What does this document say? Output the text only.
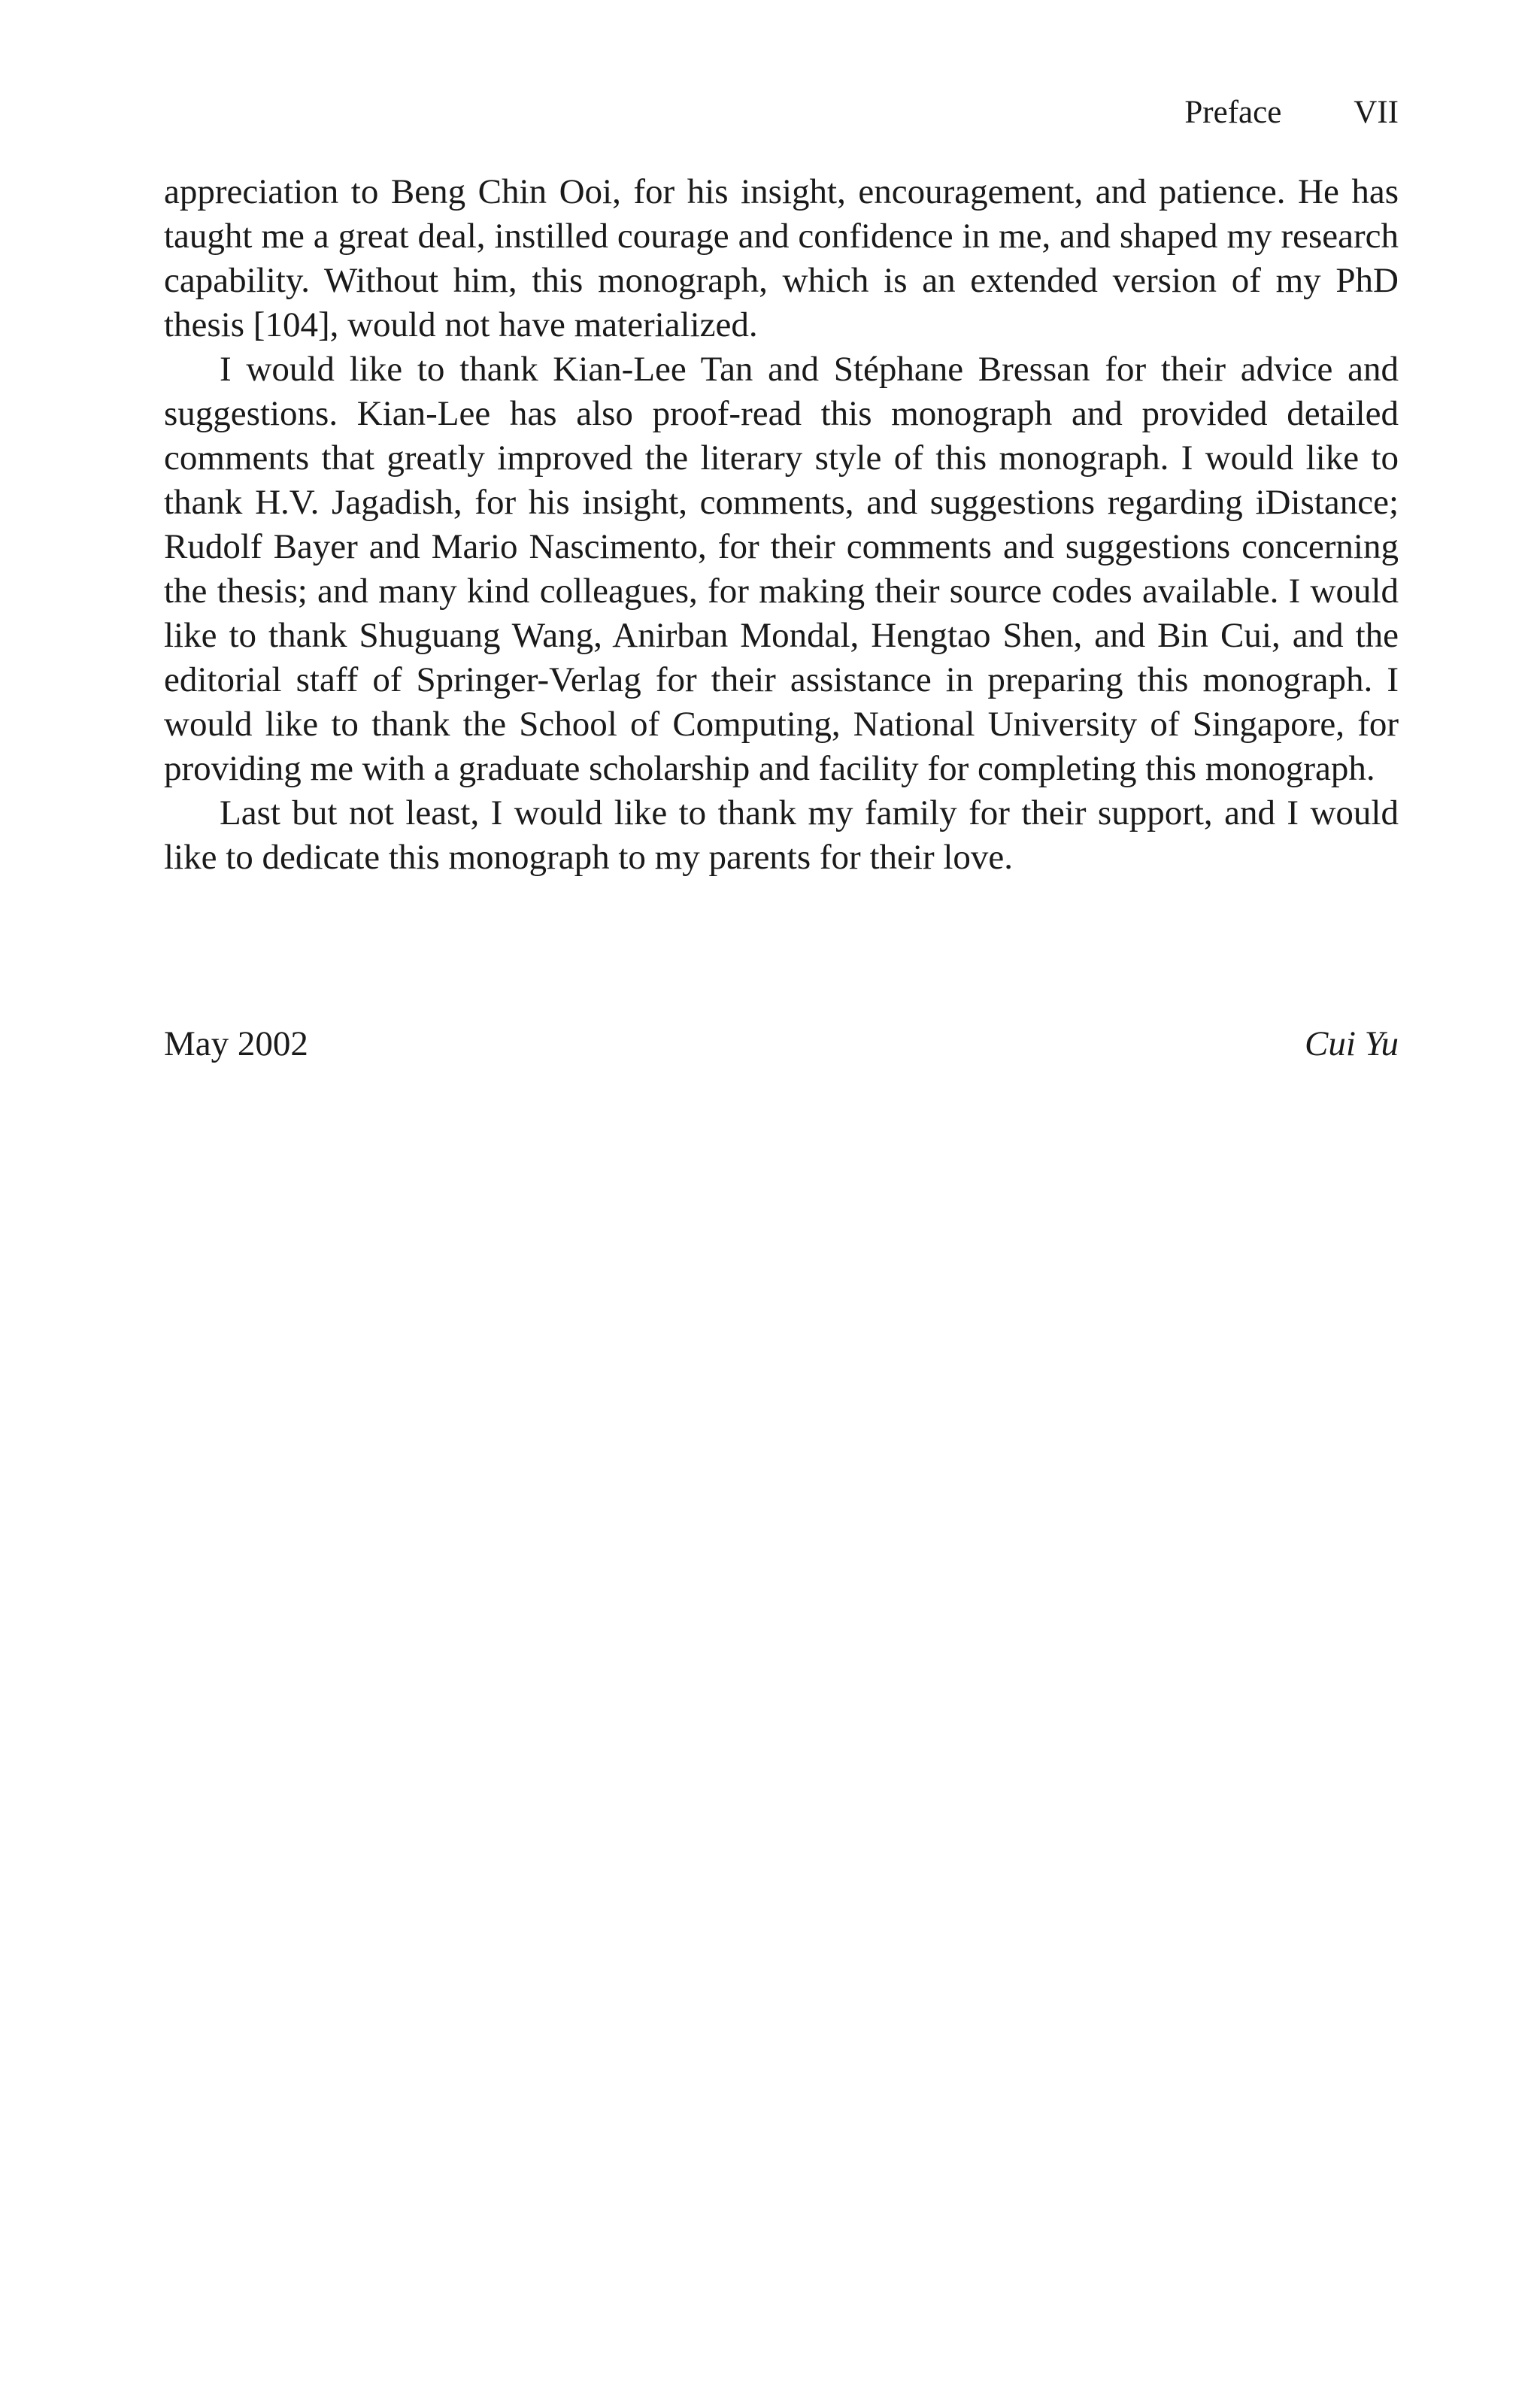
Preface VII

appreciation to Beng Chin Ooi, for his insight, encouragement, and patience. He has taught me a great deal, instilled courage and confidence in me, and shaped my research capability. Without him, this monograph, which is an extended version of my PhD thesis [104], would not have materialized.

I would like to thank Kian-Lee Tan and Stéphane Bressan for their advice and suggestions. Kian-Lee has also proof-read this monograph and provided detailed comments that greatly improved the literary style of this monograph. I would like to thank H.V. Jagadish, for his insight, comments, and suggestions regarding iDistance; Rudolf Bayer and Mario Nascimento, for their comments and suggestions concerning the thesis; and many kind colleagues, for making their source codes available. I would like to thank Shuguang Wang, Anirban Mondal, Hengtao Shen, and Bin Cui, and the editorial staff of Springer-Verlag for their assistance in preparing this monograph. I would like to thank the School of Computing, National University of Singapore, for providing me with a graduate scholarship and facility for completing this monograph.

Last but not least, I would like to thank my family for their support, and I would like to dedicate this monograph to my parents for their love.

May 2002	Cui Yu
